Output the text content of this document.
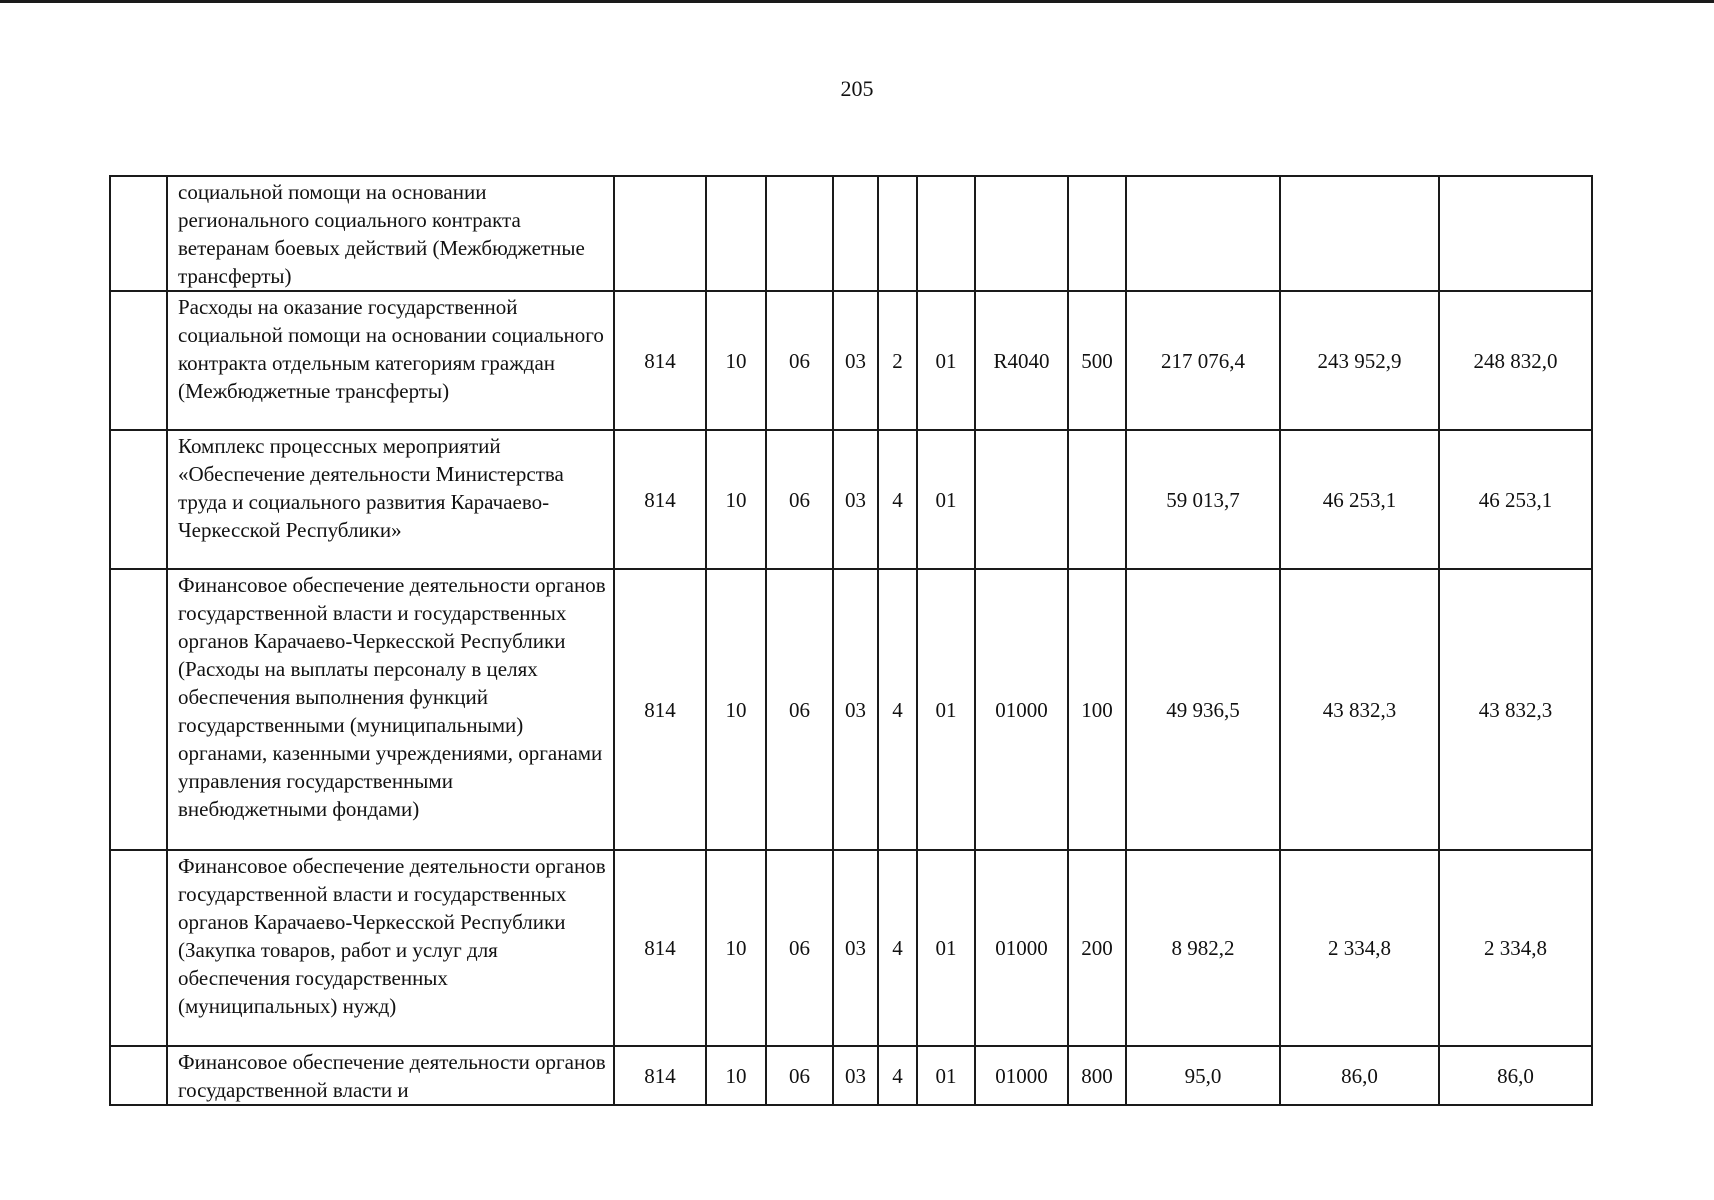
205
	социальной помощи на основании регионального социального контракта ветеранам боевых действий (Межбюджетные трансферты)											
	Расходы на оказание государственной социальной помощи на основании социального контракта отдельным категориям граждан (Межбюджетные трансферты)	814	10	06	03	2	01	R4040	500	217 076,4	243 952,9	248 832,0
	Комплекс процессных мероприятий «Обеспечение деятельности Министерства труда и социального развития Карачаево-Черкесской Республики»	814	10	06	03	4	01			59 013,7	46 253,1	46 253,1
	Финансовое обеспечение деятельности органов государственной власти и государственных органов Карачаево-Черкесской Республики (Расходы на выплаты персоналу в целях обеспечения выполнения функций государственными (муниципальными) органами, казенными учреждениями, органами управления государственными внебюджетными фондами)	814	10	06	03	4	01	01000	100	49 936,5	43 832,3	43 832,3
	Финансовое обеспечение деятельности органов государственной власти и государственных органов Карачаево-Черкесской Республики (Закупка товаров, работ и услуг для обеспечения государственных (муниципальных) нужд)	814	10	06	03	4	01	01000	200	8 982,2	2 334,8	2 334,8
	Финансовое обеспечение деятельности органов государственной власти и	814	10	06	03	4	01	01000	800	95,0	86,0	86,0
